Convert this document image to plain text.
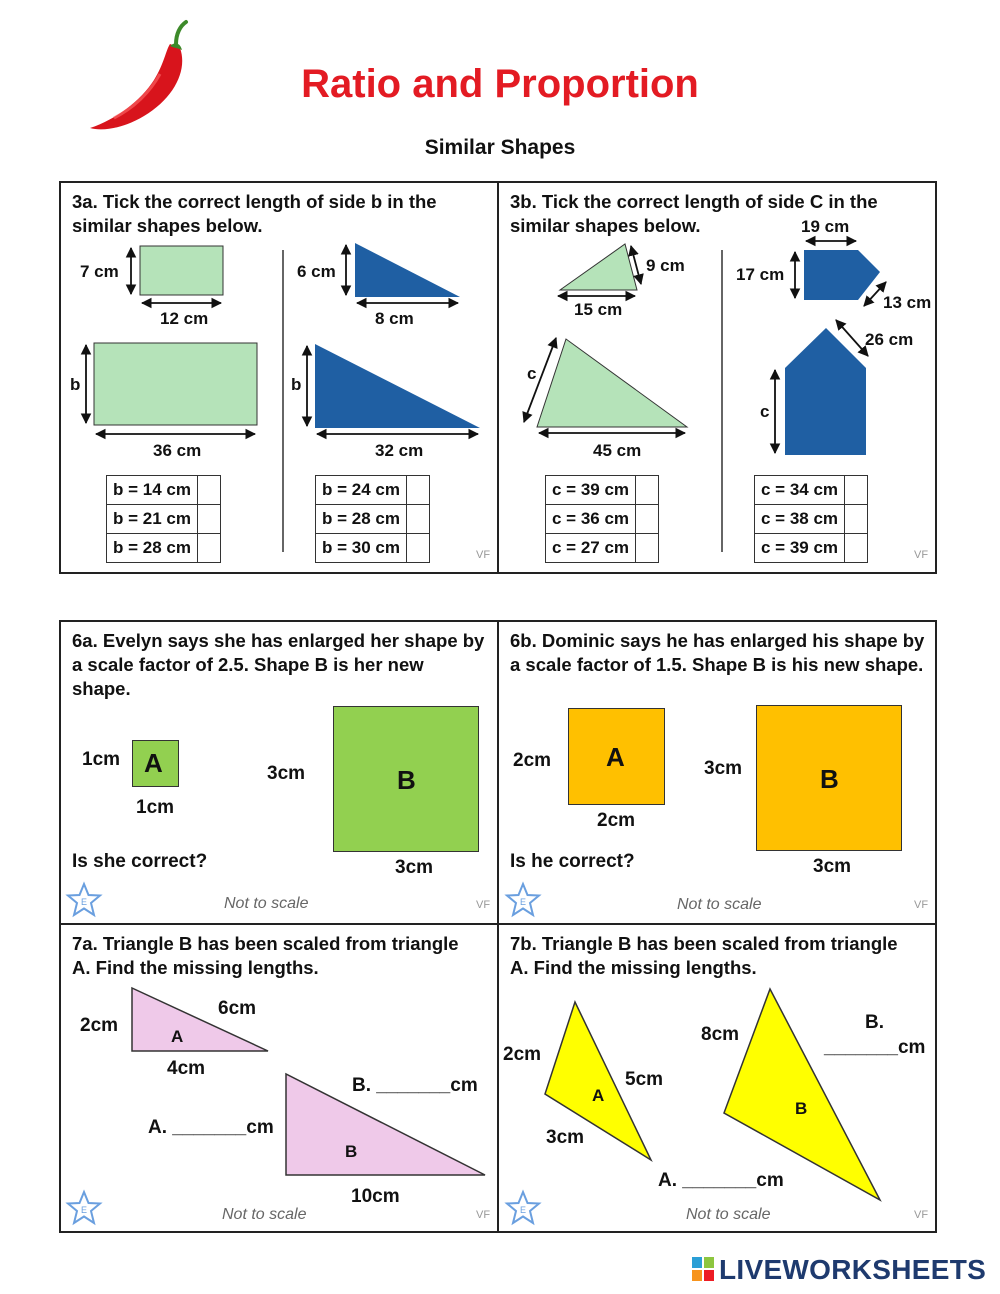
Ratio and Proportion
Similar Shapes
3a. Tick the correct length of side b in the similar shapes below.
7 cm
12 cm
b
36 cm
6 cm
8 cm
b
32 cm
b = 14 cm	
b = 21 cm	
b = 28 cm	
b = 24 cm	
b = 28 cm	
b = 30 cm		VF
3b. Tick the correct length of side C in the similar shapes below.
9 cm
15 cm
c
45 cm
19 cm
17 cm
13 cm
26 cm
c
c = 39 cm	
c = 36 cm	
c = 27 cm	
c = 34 cm	
c = 38 cm	
c = 39 cm		VF
6a. Evelyn says she has enlarged her shape by a scale factor of 2.5. Shape B is her new shape.
A
1cm
1cm
B
3cm
3cm
Is she correct?
E	Not to scale	VF
6b. Dominic says he has enlarged his shape by a scale factor of 1.5. Shape B is his new shape.
A
2cm
2cm
B
3cm
3cm
Is he correct?
E	Not to scale	VF
7a. Triangle B has been scaled from triangle A. Find the missing lengths.
2cm
6cm
4cm
A
B
10cm
A. _______cm
B. _______cm
E	Not to scale	VF
7b. Triangle B has been scaled from triangle A. Find the missing lengths.
2cm
5cm
3cm
A
8cm
B
B.
_______cm
A. _______cm
E	Not to scale	VF
LIVEWORKSHEETS
